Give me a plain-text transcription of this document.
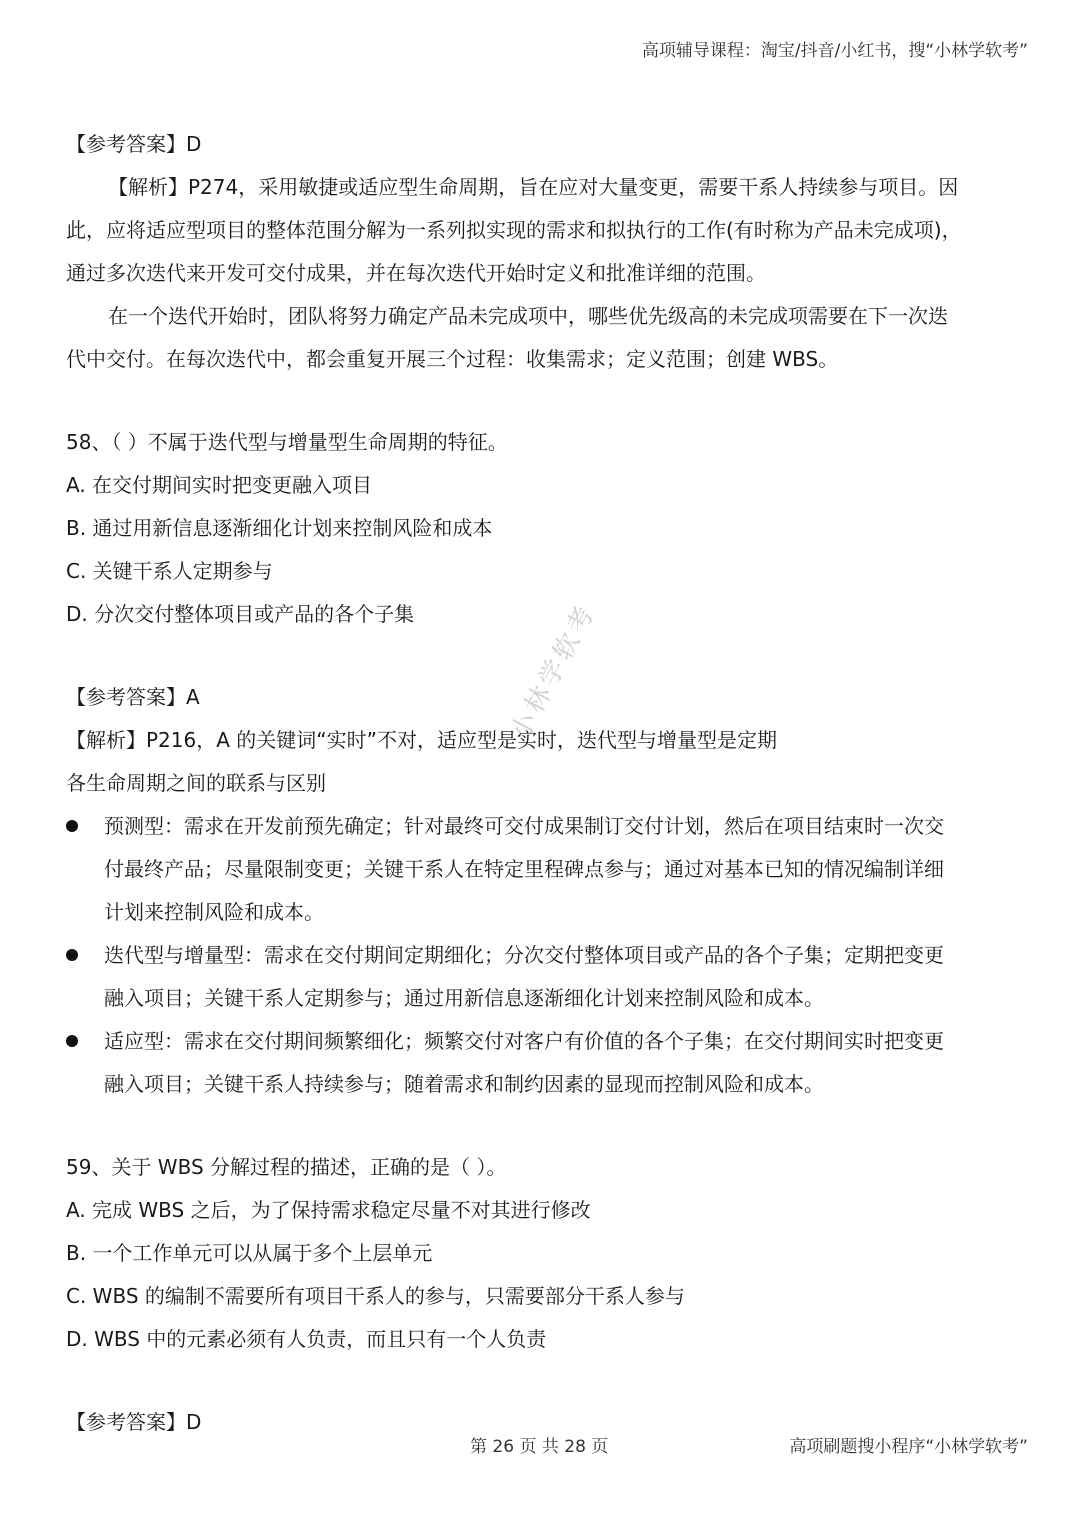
高项辅导课程：淘宝/抖音/小红书，搜“小林学软考”
【参考答案】D
【解析】P274，采用敏捷或适应型生命周期，旨在应对大量变更，需要干系人持续参与项目。因
此，应将适应型项目的整体范围分解为一系列拟实现的需求和拟执行的工作(有时称为产品未完成项)，
通过多次迭代来开发可交付成果，并在每次迭代开始时定义和批准详细的范围。
在一个迭代开始时，团队将努力确定产品未完成项中，哪些优先级高的未完成项需要在下一次迭
代中交付。在每次迭代中，都会重复开展三个过程：收集需求；定义范围；创建 WBS。
58、（ ）不属于迭代型与增量型生命周期的特征。
A. 在交付期间实时把变更融入项目
B. 通过用新信息逐渐细化计划来控制风险和成本
C. 关键干系人定期参与
D. 分次交付整体项目或产品的各个子集
【参考答案】A
【解析】P216，A 的关键词“实时”不对，适应型是实时，迭代型与增量型是定期
各生命周期之间的联系与区别
预测型：需求在开发前预先确定；针对最终可交付成果制订交付计划，然后在项目结束时一次交
付最终产品；尽量限制变更；关键干系人在特定里程碑点参与；通过对基本已知的情况编制详细
计划来控制风险和成本。
迭代型与增量型：需求在交付期间定期细化；分次交付整体项目或产品的各个子集；定期把变更
融入项目；关键干系人定期参与；通过用新信息逐渐细化计划来控制风险和成本。
适应型：需求在交付期间频繁细化；频繁交付对客户有价值的各个子集；在交付期间实时把变更
融入项目；关键干系人持续参与；随着需求和制约因素的显现而控制风险和成本。
59、关于 WBS 分解过程的描述，正确的是（ ）。
A. 完成 WBS 之后，为了保持需求稳定尽量不对其进行修改
B. 一个工作单元可以从属于多个上层单元
C. WBS 的编制不需要所有项目干系人的参与，只需要部分干系人参与
D. WBS 中的元素必须有人负责，而且只有一个人负责
【参考答案】D
小林学软考
第 26 页 共 28 页	高项刷题搜小程序“小林学软考”
